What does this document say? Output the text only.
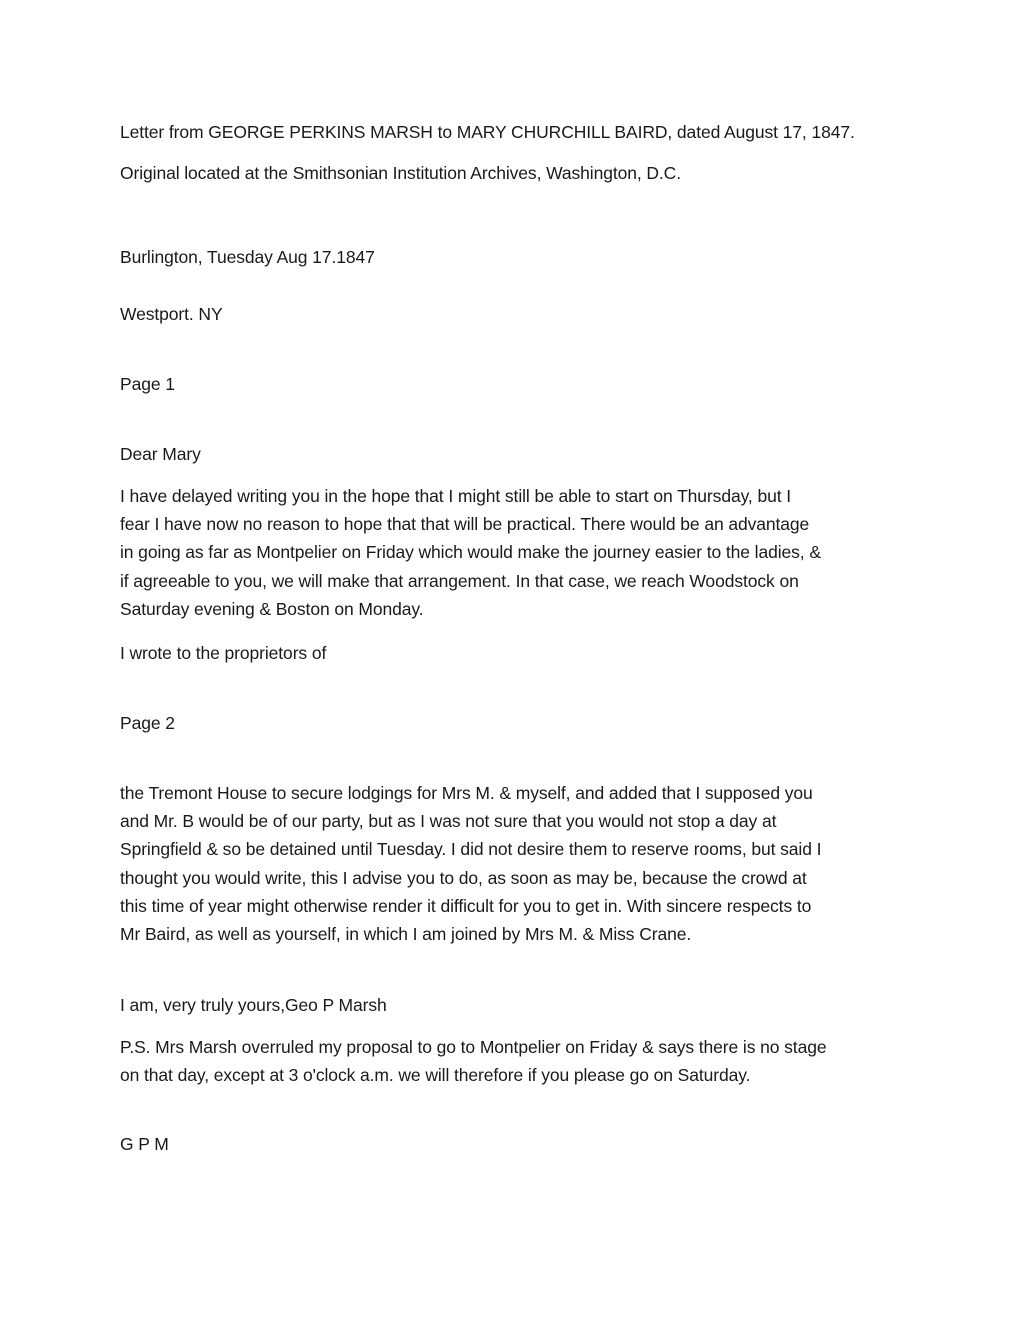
Letter from GEORGE PERKINS MARSH to MARY CHURCHILL BAIRD, dated August 17, 1847.
Original located at the Smithsonian Institution Archives, Washington, D.C.
Burlington, Tuesday Aug 17.1847
Westport. NY
Page 1
Dear Mary
I have delayed writing you in the hope that I might still be able to start on Thursday, but I
fear I have now no reason to hope that that will be practical. There would be an advantage
in going as far as Montpelier on Friday which would make the journey easier to the ladies, &
if agreeable to you, we will make that arrangement. In that case, we reach Woodstock on
Saturday evening & Boston on Monday.
I wrote to the proprietors of
Page 2
the Tremont House to secure lodgings for Mrs M. & myself, and added that I supposed you
and Mr. B would be of our party, but as I was not sure that you would not stop a day at
Springfield & so be detained until Tuesday. I did not desire them to reserve rooms, but said I
thought you would write, this I advise you to do, as soon as may be, because the crowd at
this time of year might otherwise render it difficult for you to get in. With sincere respects to
Mr Baird, as well as yourself, in which I am joined by Mrs M. & Miss Crane.
I am, very truly yours,Geo P Marsh
P.S. Mrs Marsh overruled my proposal to go to Montpelier on Friday & says there is no stage
on that day, except at 3 o'clock a.m. we will therefore if you please go on Saturday.
G P M
